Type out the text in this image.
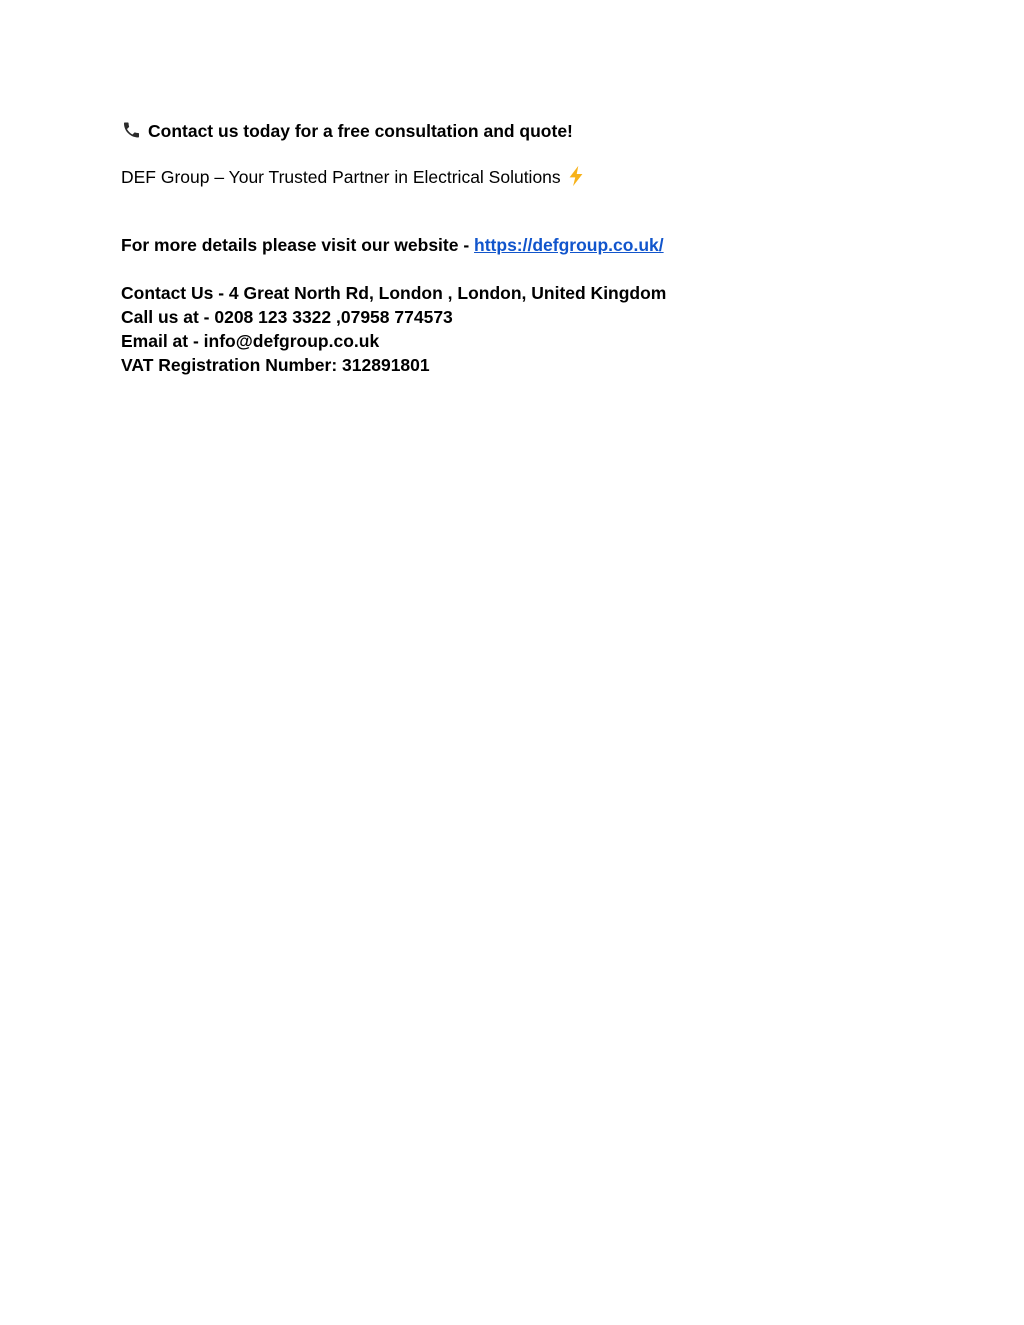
Contact us today for a free consultation and quote!
DEF Group – Your Trusted Partner in Electrical Solutions
For more details please visit our website - https://defgroup.co.uk/
Contact Us - 4 Great North Rd, London , London, United Kingdom
Call us at - 0208 123 3322 ,07958 774573
Email at - info@defgroup.co.uk
VAT Registration Number: 312891801
